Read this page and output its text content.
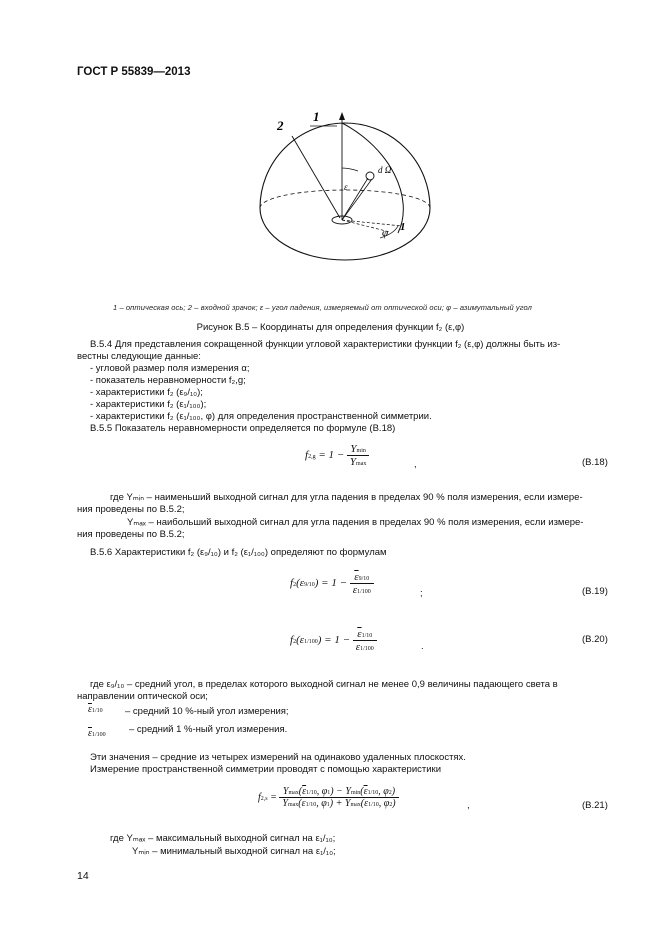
ГОСТ Р 55839—2013
2
1
d Ω
ε
φ 1
1 – оптическая ось; 2 – входной зрачок; ε – угол падения, измеряемый от оптической оси; φ – азимутальный угол
Рисунок В.5 – Координаты для определения функции f₂ (ε,φ)
В.5.4 Для представления сокращенной функции угловой характеристики функции f₂ (ε,φ) должны быть из-
вестны следующие данные:
- угловой размер поля измерения α;
- показатель неравномерности f₂,g;
- характеристики f₂ (ε₉/₁₀);
- характеристики f₂ (ε₁/₁₀₀);
- характеристики f₂ (ε₁/₁₀₀, φ) для определения пространственной симметрии.
В.5.5 Показатель неравномерности определяется по формуле (В.18)
$f2,g = 1 - \frac{Ymin}{Ymax}$	,	(В.18)
где Yₘᵢₙ – наименьший выходной сигнал для угла падения в пределах 90 % поля измерения, если измере-
ния проведены по В.5.2;
Yₘₐₓ – наибольший выходной сигнал для угла падения в пределах 90 % поля измерения, если измере-
ния проведены по В.5.2;
В.5.6 Характеристики f₂ (ε₉/₁₀) и f₂ (ε₁/₁₀₀) определяют по формулам
$f2(\varepsilon 9/10) = 1 - \frac{\overline{\varepsilon}9/10}{\overline{\varepsilon}1/100}$	;	(В.19)
$f2(\varepsilon 1/100) = 1 - \frac{\overline{\varepsilon}1/10}{\overline{\varepsilon}1/100}$	.
(В.20)
где ε₉/₁₀ – средний угол, в пределах которого выходной сигнал не менее 0,9 величины падающего света в
направлении оптической оси;
$\overline{\varepsilon}1/10$ – средний 10 %-ный угол измерения;
$\overline{\varepsilon}1/100$ – средний 1 %-ный угол измерения.
Эти значения – средние из четырех измерений на одинаково удаленных плоскостях.
Измерение пространственной симметрии проводят с помощью характеристики
$f2,s = \frac{Ymax(\overline{\varepsilon}1/10, \varphi 1) - Ymin(\overline{\varepsilon}1/10, \varphi 2)}{Ymax(\overline{\varepsilon}1/10, \varphi 1) + Ymax(\overline{\varepsilon}1/10, \varphi 2)}$	,	(В.21)
где Yₘₐₓ – максимальный выходной сигнал на ε₁/₁₀;
Yₘᵢₙ – минимальный выходной сигнал на ε₁/₁₀;
14
